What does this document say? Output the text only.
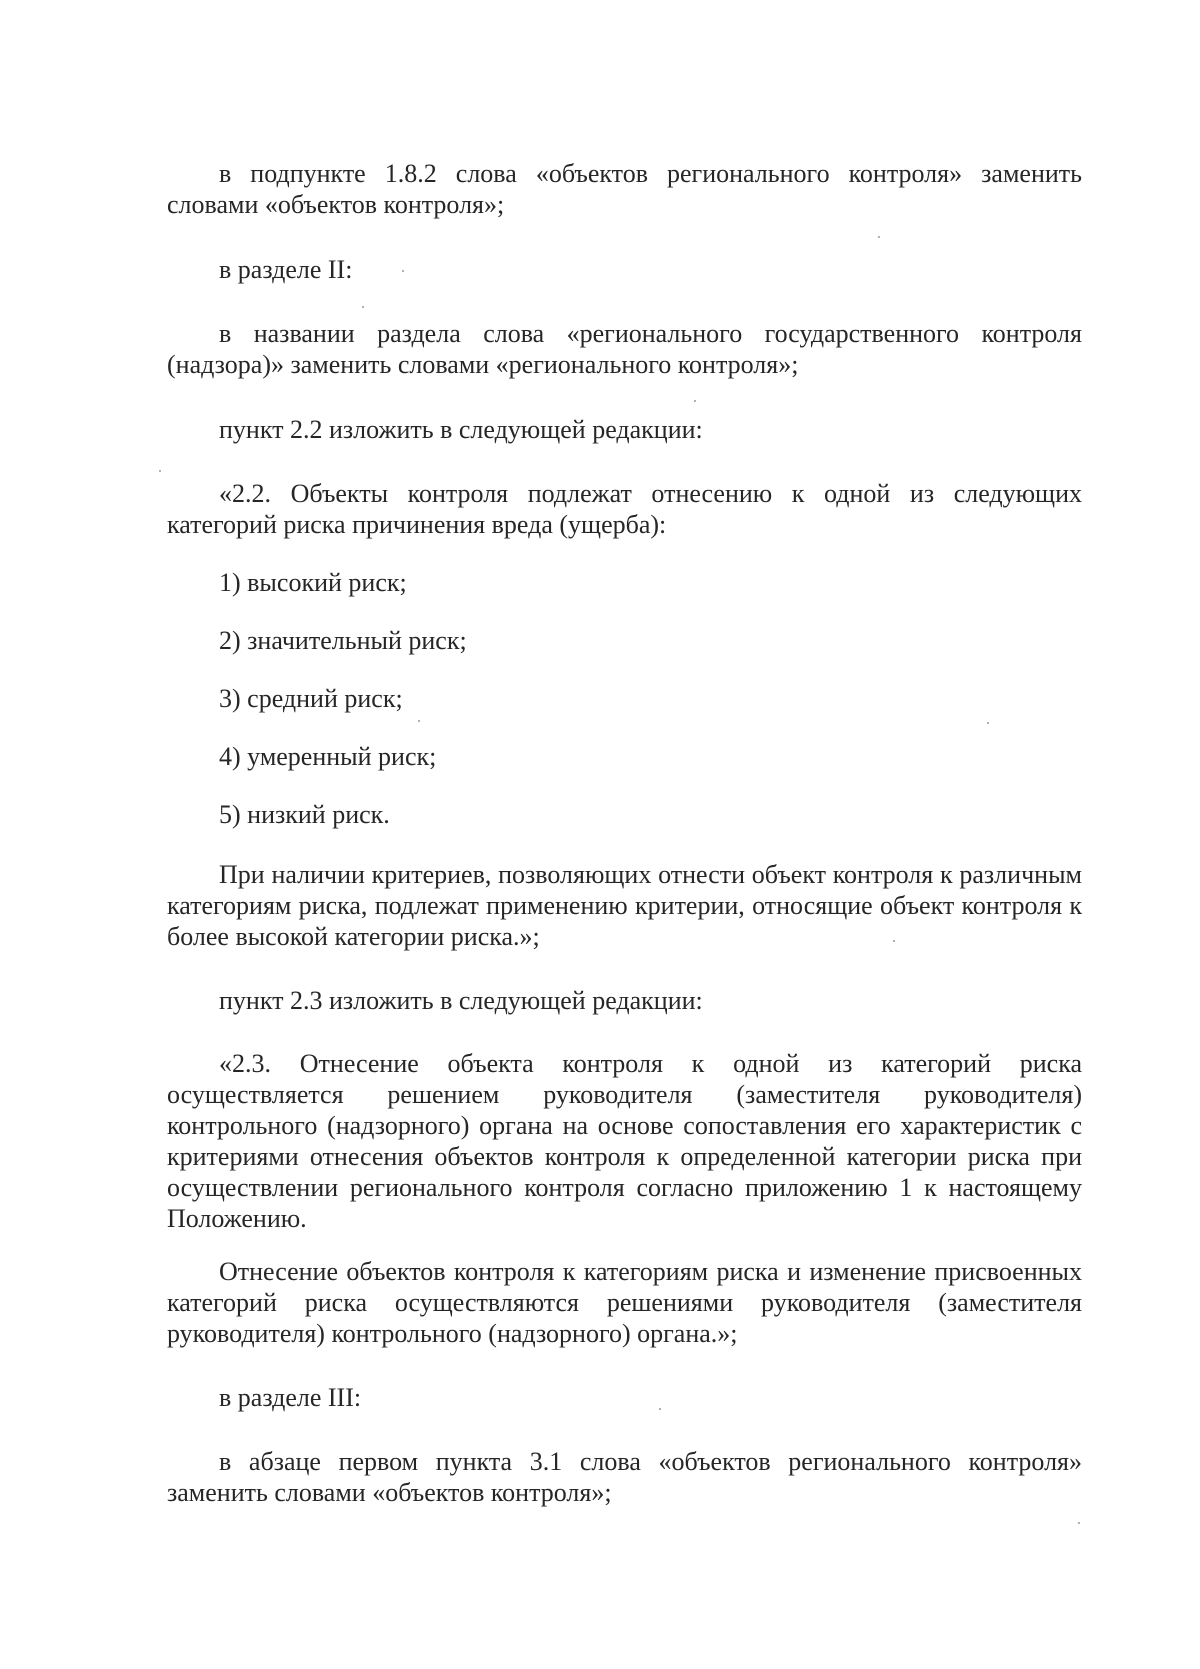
в подпункте 1.8.2 слова «объектов регионального контроля» заменить словами «объектов контроля»;

в разделе II:

в названии раздела слова «регионального государственного контроля (надзора)» заменить словами «регионального контроля»;

пункт 2.2 изложить в следующей редакции:

«2.2. Объекты контроля подлежат отнесению к одной из следующих категорий риска причинения вреда (ущерба):

1) высокий риск;

2) значительный риск;

3) средний риск;

4) умеренный риск;

5) низкий риск.

При наличии критериев, позволяющих отнести объект контроля к различным категориям риска, подлежат применению критерии, относящие объект контроля к более высокой категории риска.»;

пункт 2.3 изложить в следующей редакции:

«2.3. Отнесение объекта контроля к одной из категорий риска осуществляется решением руководителя (заместителя руководителя) контрольного (надзорного) органа на основе сопоставления его характеристик с критериями отнесения объектов контроля к определенной категории риска при осуществлении регионального контроля согласно приложению 1 к настоящему Положению.

Отнесение объектов контроля к категориям риска и изменение присвоенных категорий риска осуществляются решениями руководителя (заместителя руководителя) контрольного (надзорного) органа.»;

в разделе III:

в абзаце первом пункта 3.1 слова «объектов регионального контроля» заменить словами «объектов контроля»;
